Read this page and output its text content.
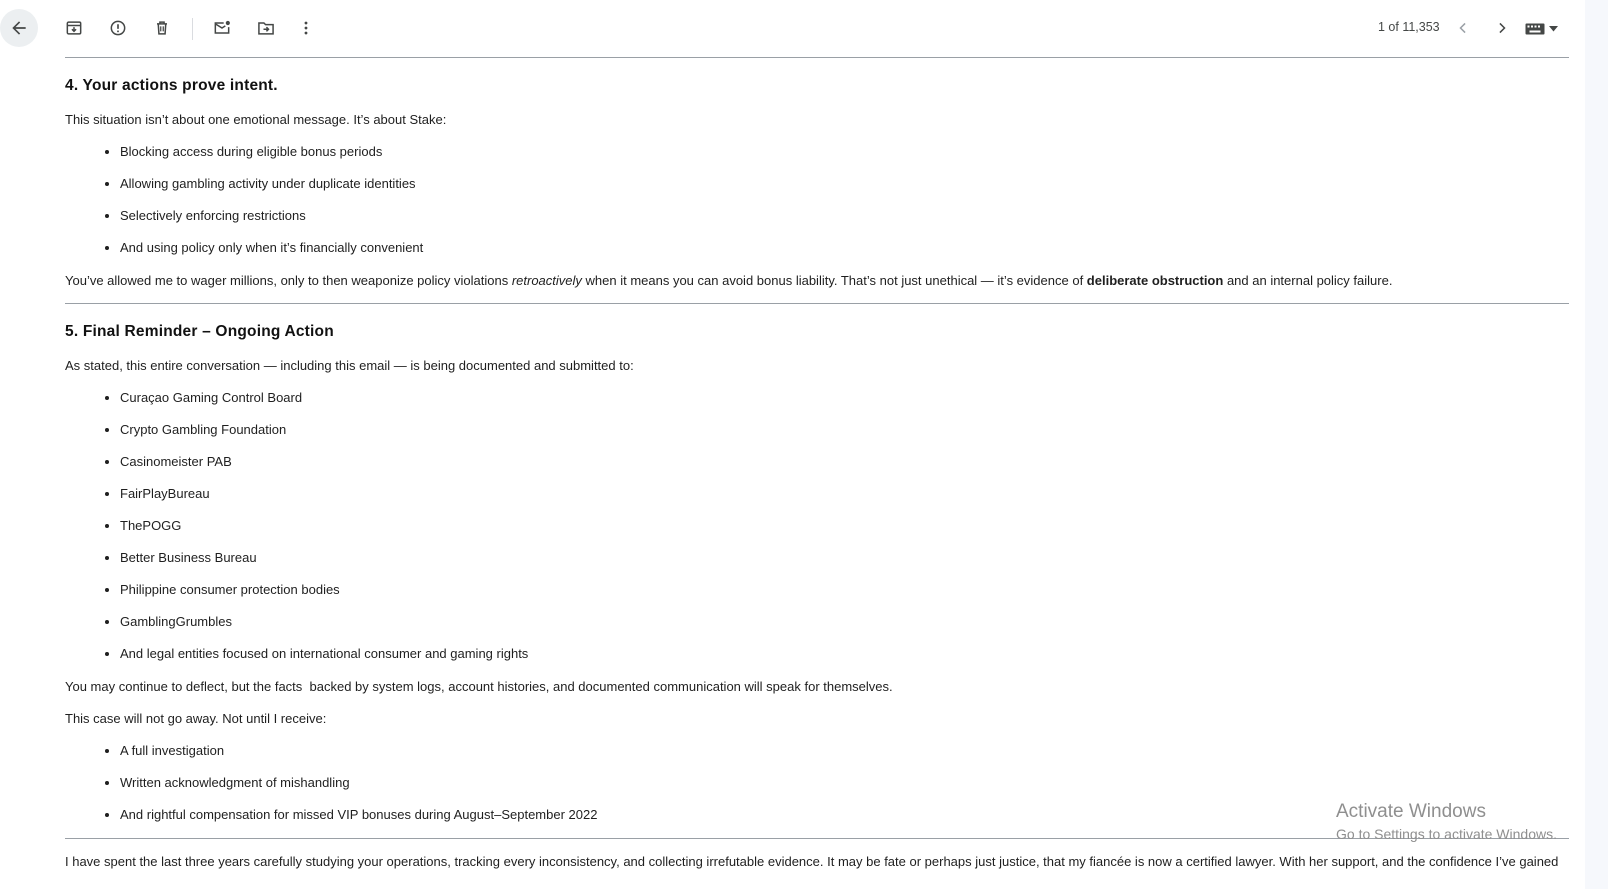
1 of 11,353
4. Your actions prove intent.

This situation isn’t about one emotional message. It’s about Stake:

• Blocking access during eligible bonus periods
• Allowing gambling activity under duplicate identities
• Selectively enforcing restrictions
• And using policy only when it’s financially convenient

You’ve allowed me to wager millions, only to then weaponize policy violations retroactively when it means you can avoid bonus liability. That’s not just unethical — it’s evidence of deliberate obstruction and an internal policy failure.

5. Final Reminder – Ongoing Action

As stated, this entire conversation — including this email — is being documented and submitted to:

• Curaçao Gaming Control Board
• Crypto Gambling Foundation
• Casinomeister PAB
• FairPlayBureau
• ThePOGG
• Better Business Bureau
• Philippine consumer protection bodies
• GamblingGrumbles
• And legal entities focused on international consumer and gaming rights

You may continue to deflect, but the facts  backed by system logs, account histories, and documented communication will speak for themselves.

This case will not go away. Not until I receive:

• A full investigation
• Written acknowledgment of mishandling
• And rightful compensation for missed VIP bonuses during August–September 2022

I have spent the last three years carefully studying your operations, tracking every inconsistency, and collecting irrefutable evidence. It may be fate or perhaps just justice, that my fiancée is now a certified lawyer. With her support, and the confidence I’ve gained

Activate Windows
Go to Settings to activate Windows.
